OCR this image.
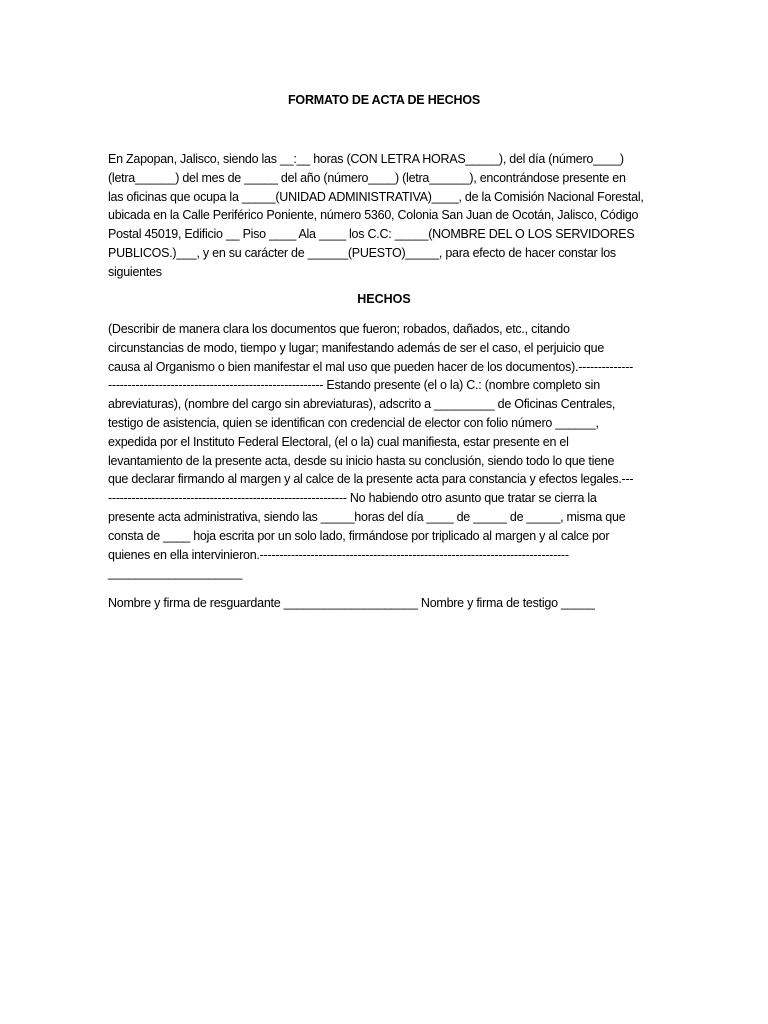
FORMATO DE ACTA DE HECHOS
En Zapopan, Jalisco, siendo las __:__ horas (CON LETRA HORAS_____), del día (número____)
(letra______) del mes de _____ del año (número____) (letra______), encontrándose presente en
las oficinas que ocupa la _____(UNIDAD ADMINISTRATIVA)____, de la Comisión Nacional Forestal,
ubicada en la Calle Periférico Poniente, número 5360, Colonia San Juan de Ocotán, Jalisco, Código
Postal 45019, Edificio __ Piso ____ Ala ____ los C.C: _____(NOMBRE DEL O LOS SERVIDORES
PUBLICOS.)___, y en su carácter de ______(PUESTO)_____, para efecto de hacer constar los
siguientes
HECHOS
(Describir de manera clara los documentos que fueron; robados, dañados, etc., citando
circunstancias de modo, tiempo y lugar; manifestando además de ser el caso, el perjuicio que
causa al Organismo o bien manifestar el mal uso que pueden hacer de los documentos).--------------
------------------------------------------------------- Estando presente (el o la) C.: (nombre completo sin
abreviaturas), (nombre del cargo sin abreviaturas), adscrito a _________ de Oficinas Centrales,
testigo de asistencia, quien se identifican con credencial de elector con folio número ______,
expedida por el Instituto Federal Electoral, (el o la) cual manifiesta, estar presente en el
levantamiento de la presente acta, desde su inicio hasta su conclusión, siendo todo lo que tiene
que declarar firmando al margen y al calce de la presente acta para constancia y efectos legales.---
------------------------------------------------------------- No habiendo otro asunto que tratar se cierra la
presente acta administrativa, siendo las _____horas del día ____ de _____ de _____, misma que
consta de ____ hoja escrita por un solo lado, firmándose por triplicado al margen y al calce por
quienes en ella intervinieron.-------------------------------------------------------------------------------
____________________
Nombre y firma de resguardante ____________________ Nombre y firma de testigo _____
